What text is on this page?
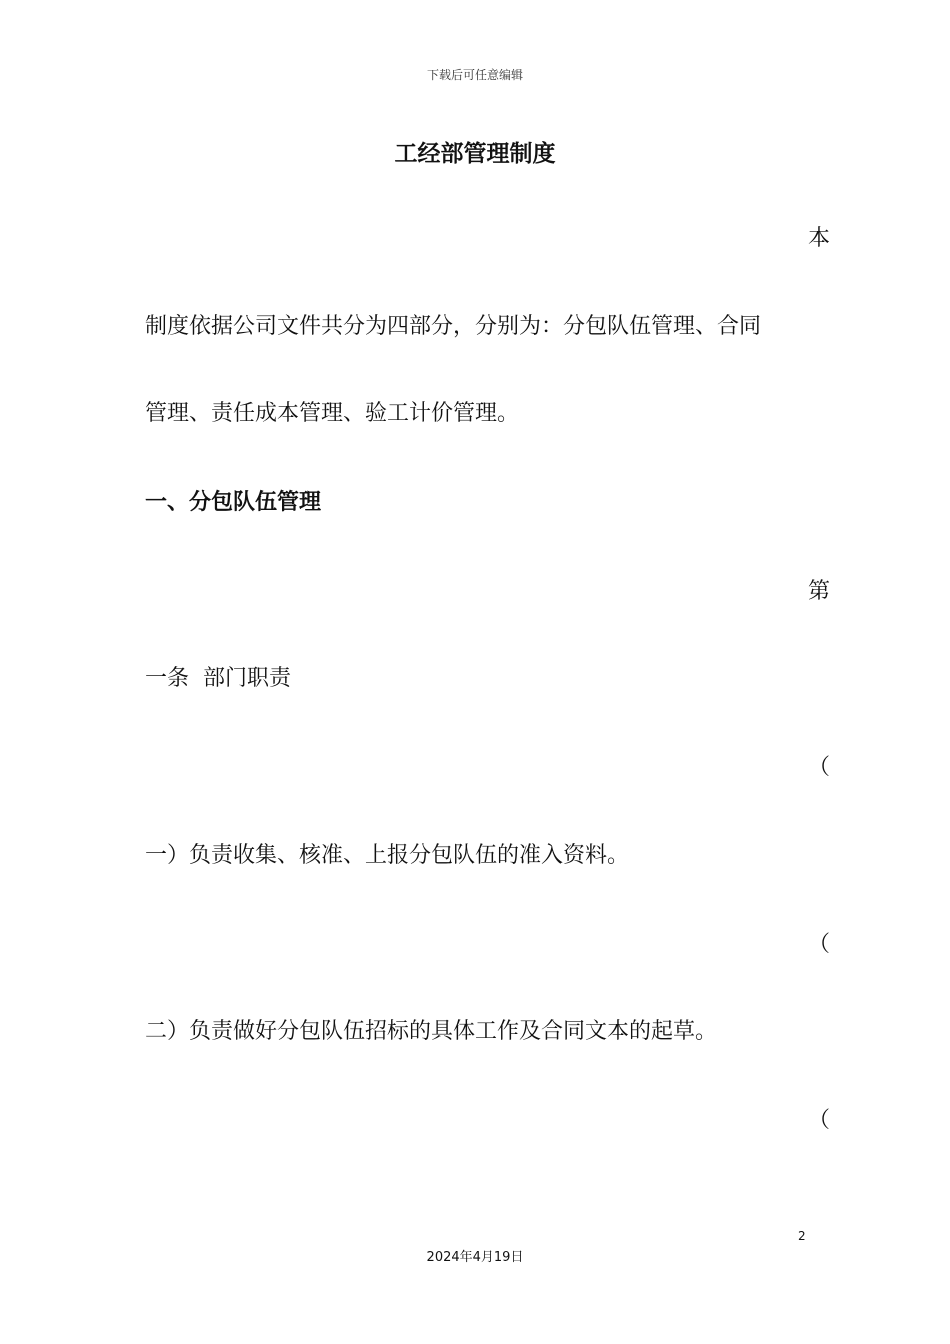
下载后可任意编辑
工经部管理制度
本
制度依据公司文件共分为四部分，分别为：分包队伍管理、合同
管理、责任成本管理、验工计价管理。
一、分包队伍管理
第
一条  部门职责
（
一）负责收集、核准、上报分包队伍的准入资料。
（
二）负责做好分包队伍招标的具体工作及合同文本的起草。
（
2
2024年4月19日
